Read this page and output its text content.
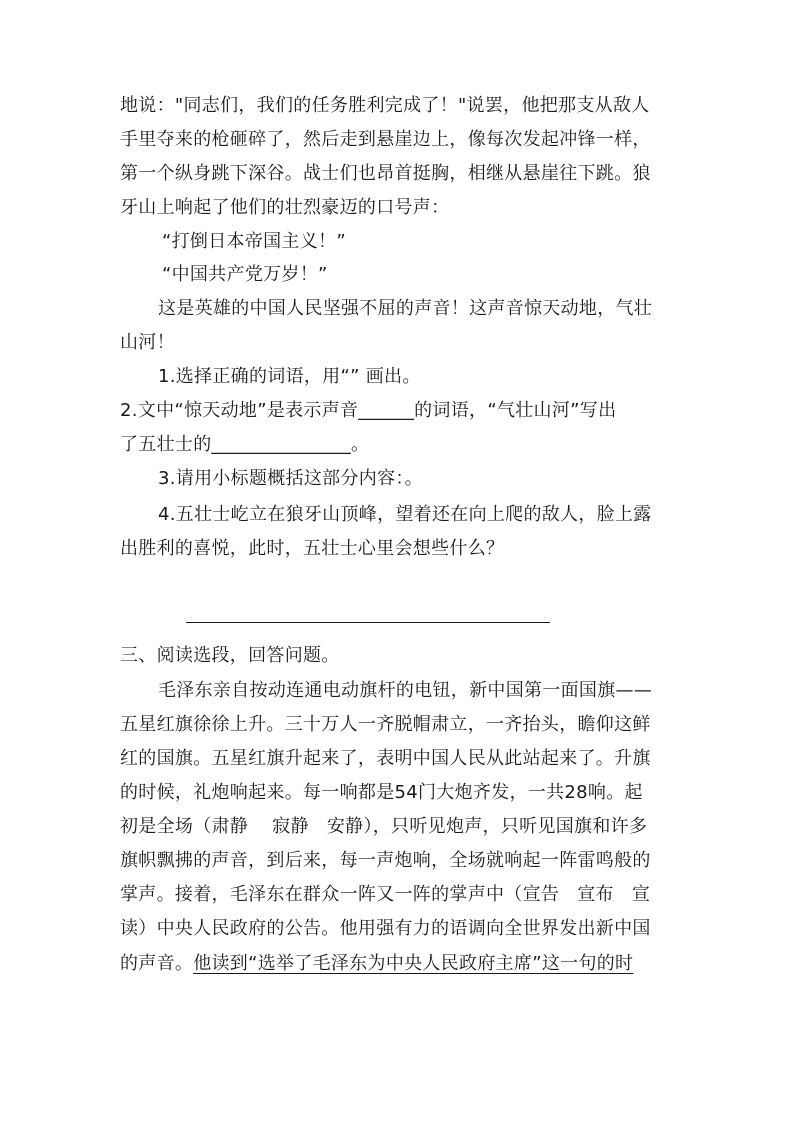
地说："同志们，我们的任务胜利完成了！"说罢，他把那支从敌人
手里夺来的枪砸碎了，然后走到悬崖边上，像每次发起冲锋一样，
第一个纵身跳下深谷。战士们也昂首挺胸，相继从悬崖往下跳。狼
牙山上响起了他们的壮烈豪迈的口号声：
“打倒日本帝国主义！”
“中国共产党万岁！”
这是英雄的中国人民坚强不屈的声音！这声音惊天动地，气壮
山河！
1.选择正确的词语，用“” 画出。
2.文中“惊天动地”是表示声音______的词语，“气壮山河”写出
了五壮士的_______________。
3.请用小标题概括这部分内容：。
4.五壮士屹立在狼牙山顶峰，望着还在向上爬的敌人，脸上露
出胜利的喜悦，此时，五壮士心里会想些什么？
三、阅读选段，回答问题。
毛泽东亲自按动连通电动旗杆的电钮，新中国第一面国旗——
五星红旗徐徐上升。三十万人一齐脱帽肃立，一齐抬头，瞻仰这鲜
红的国旗。五星红旗升起来了，表明中国人民从此站起来了。升旗
的时候，礼炮响起来。每一响都是54门大炮齐发，一共28响。起
初是全场（肃静    寂静   安静），只听见炮声，只听见国旗和许多
旗帜飘拂的声音，到后来，每一声炮响，全场就响起一阵雷鸣般的
掌声。接着，毛泽东在群众一阵又一阵的掌声中（宣告   宣布   宣
读）中央人民政府的公告。他用强有力的语调向全世界发出新中国
的声音。他读到“选举了毛泽东为中央人民政府主席”这一句的时
